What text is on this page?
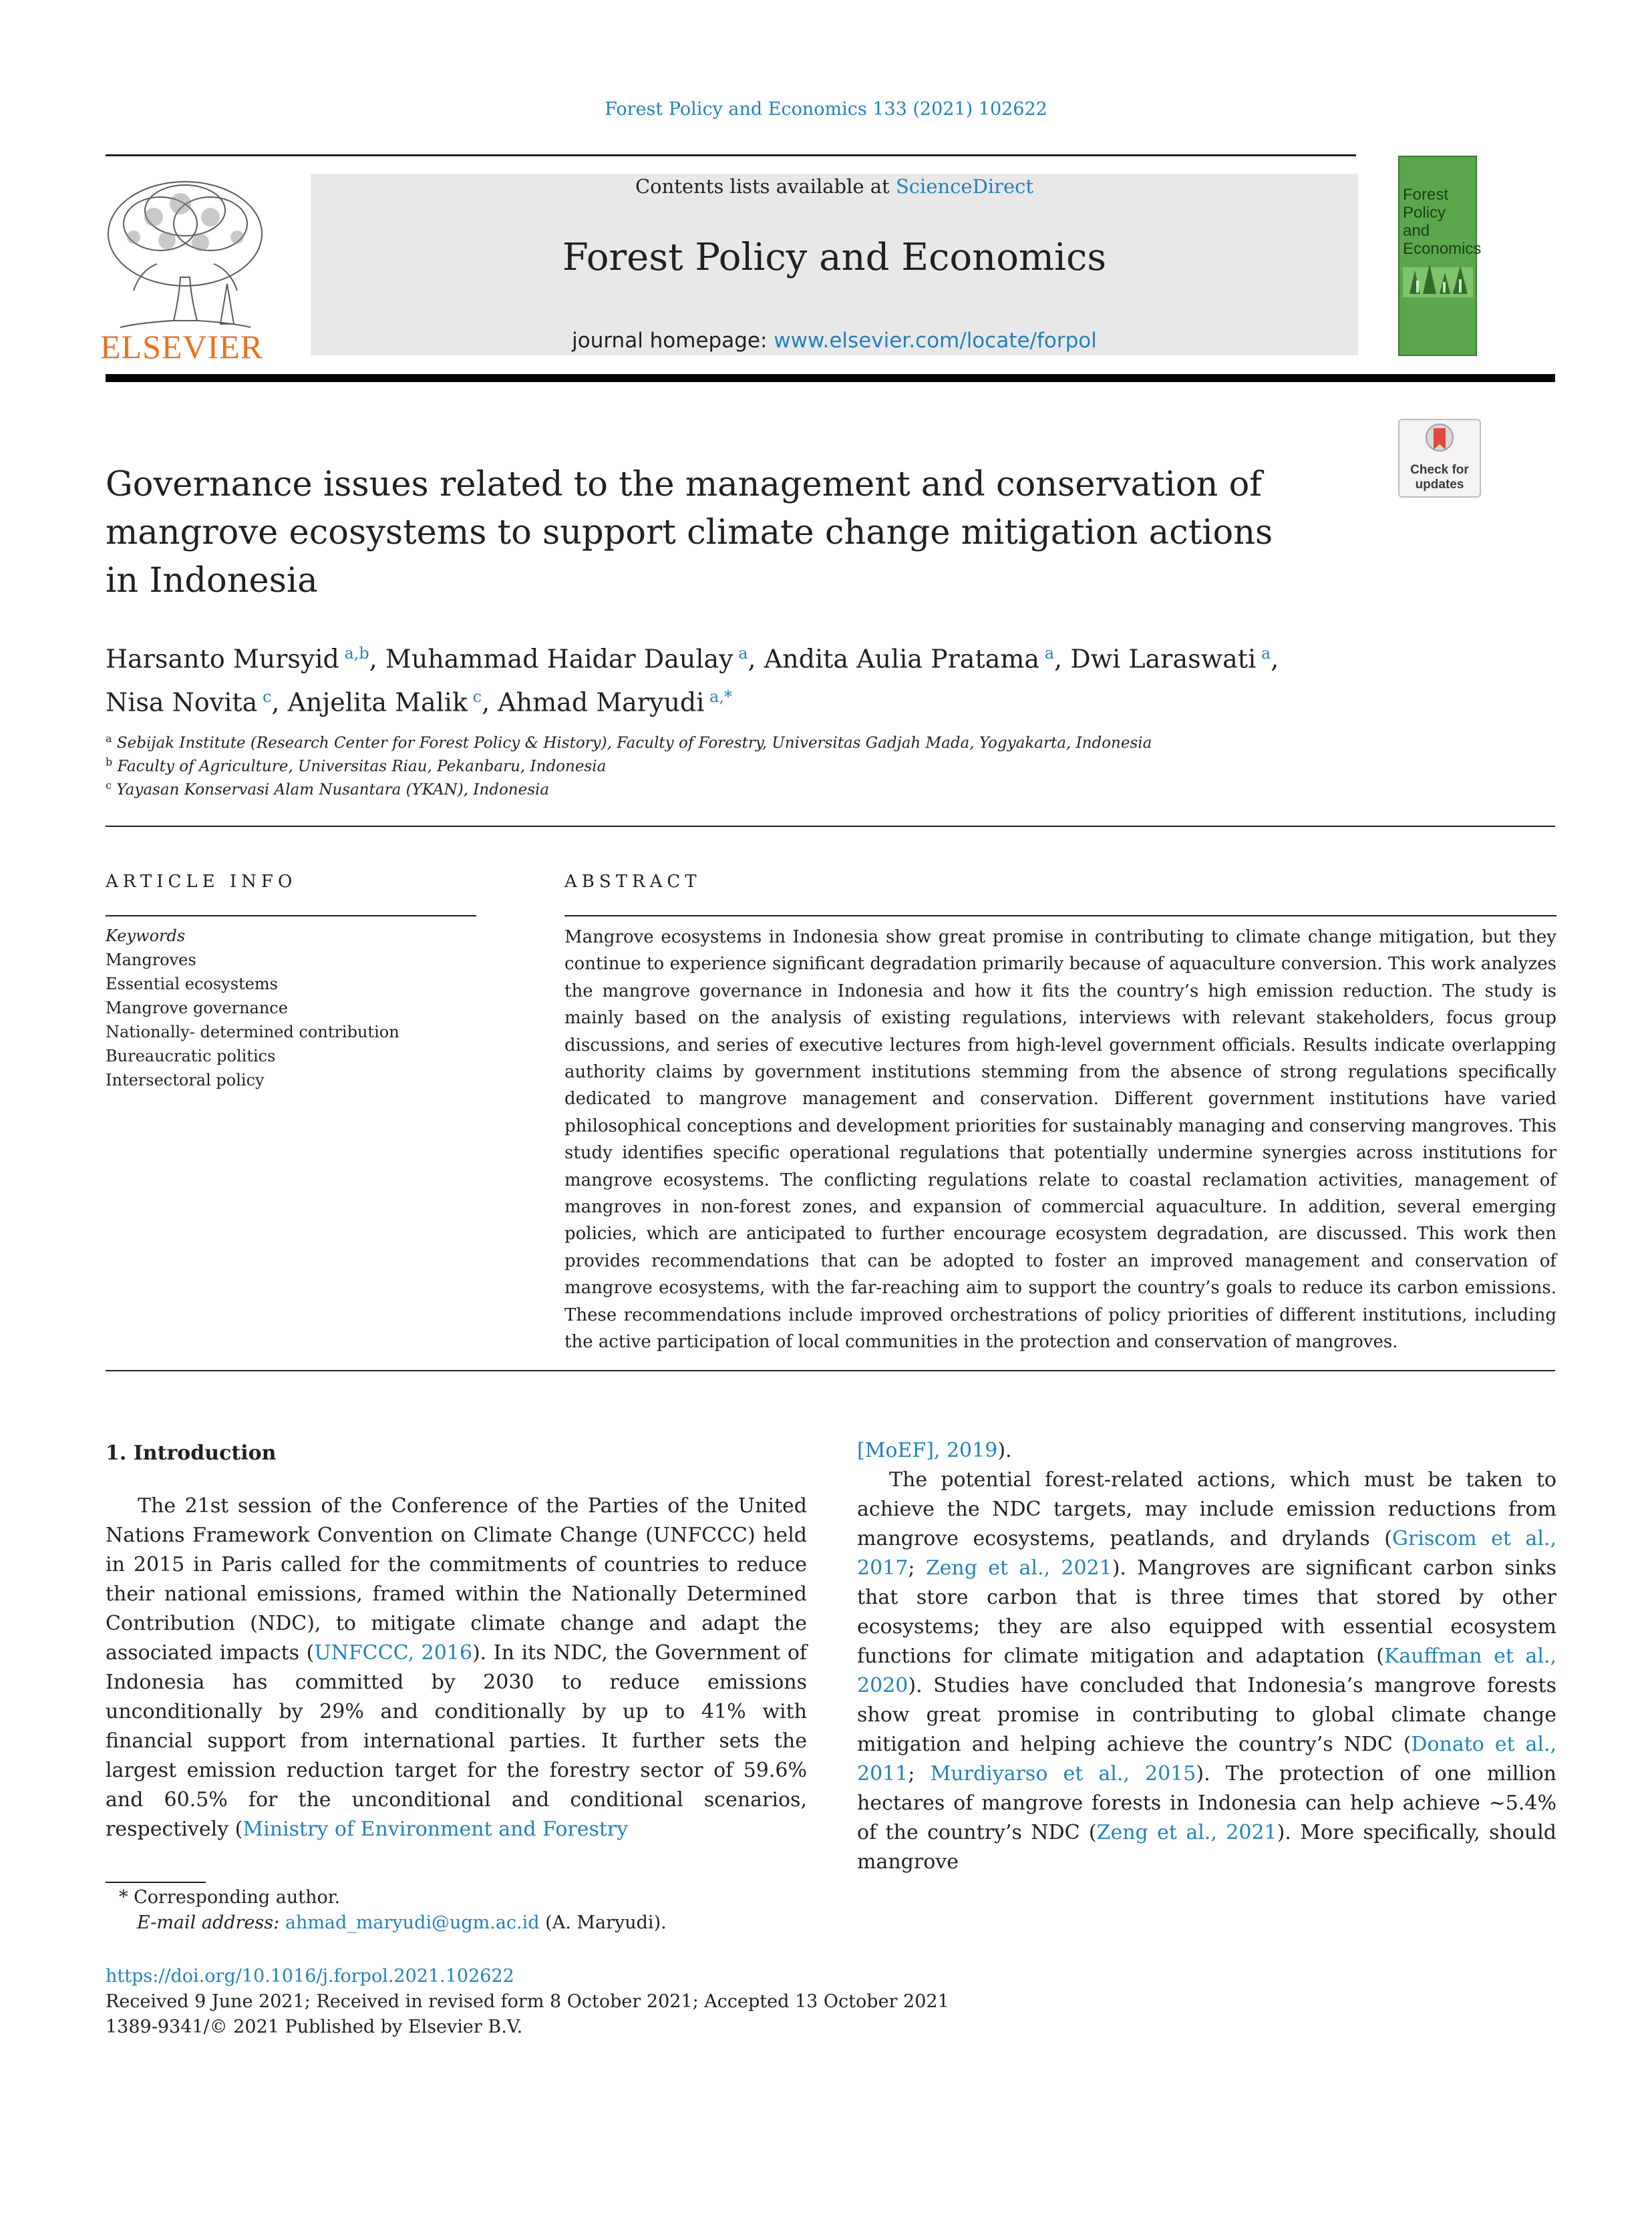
Forest Policy and Economics 133 (2021) 102622
ELSEVIER
Contents lists available at ScienceDirect
Forest Policy and Economics
journal homepage: www.elsevier.com/locate/forpol
Forest Policy
and Economics
Check for
updates
Governance issues related to the management and conservation of mangrove ecosystems to support climate change mitigation actions in Indonesia
Harsanto Mursyid $^{a,b}$, Muhammad Haidar Daulay $^a$, Andita Aulia Pratama $^a$, Dwi Laraswati $^a$,
Nisa Novita $^c$, Anjelita Malik $^c$, Ahmad Maryudi $^{a,*}$
$^a$ Sebijak Institute (Research Center for Forest Policy & History), Faculty of Forestry, Universitas Gadjah Mada, Yogyakarta, Indonesia
$^b$ Faculty of Agriculture, Universitas Riau, Pekanbaru, Indonesia
$^c$ Yayasan Konservasi Alam Nusantara (YKAN), Indonesia
ARTICLE INFO
Keywords
Mangroves
Essential ecosystems
Mangrove governance
Nationally- determined contribution
Bureaucratic politics
Intersectoral policy
ABSTRACT
Mangrove ecosystems in Indonesia show great promise in contributing to climate change mitigation, but they continue to experience significant degradation primarily because of aquaculture conversion. This work analyzes the mangrove governance in Indonesia and how it fits the country’s high emission reduction. The study is mainly based on the analysis of existing regulations, interviews with relevant stakeholders, focus group discussions, and series of executive lectures from high-level government officials. Results indicate overlapping authority claims by government institutions stemming from the absence of strong regulations specifically dedicated to mangrove management and conservation. Different government institutions have varied philosophical conceptions and development priorities for sustainably managing and conserving mangroves. This study identifies specific operational regulations that potentially undermine synergies across institutions for mangrove ecosystems. The conflicting regulations relate to coastal reclamation activities, management of mangroves in non-forest zones, and expansion of commercial aquaculture. In addition, several emerging policies, which are anticipated to further encourage ecosystem degradation, are discussed. This work then provides recommendations that can be adopted to foster an improved management and conservation of mangrove ecosystems, with the far-reaching aim to support the country’s goals to reduce its carbon emissions. These recommendations include improved orchestrations of policy priorities of different institutions, including the active participation of local communities in the protection and conservation of mangroves.
1. Introduction

The 21st session of the Conference of the Parties of the United Nations Framework Convention on Climate Change (UNFCCC) held in 2015 in Paris called for the commitments of countries to reduce their national emissions, framed within the Nationally Determined Contribution (NDC), to mitigate climate change and adapt the associated impacts (UNFCCC, 2016). In its NDC, the Government of Indonesia has committed by 2030 to reduce emissions unconditionally by 29% and conditionally by up to 41% with financial support from international parties. It further sets the largest emission reduction target for the forestry sector of 59.6% and 60.5% for the unconditional and conditional scenarios, respectively (Ministry of Environment and Forestry

[MoEF], 2019).

The potential forest-related actions, which must be taken to achieve the NDC targets, may include emission reductions from mangrove ecosystems, peatlands, and drylands (Griscom et al., 2017; Zeng et al., 2021). Mangroves are significant carbon sinks that store carbon that is three times that stored by other ecosystems; they are also equipped with essential ecosystem functions for climate mitigation and adaptation (Kauffman et al., 2020). Studies have concluded that Indonesia’s mangrove forests show great promise in contributing to global climate change mitigation and helping achieve the country’s NDC (Donato et al., 2011; Murdiyarso et al., 2015). The protection of one million hectares of mangrove forests in Indonesia can help achieve ~5.4% of the country’s NDC (Zeng et al., 2021). More specifically, should mangrove

* Corresponding author.
E-mail address: ahmad_maryudi@ugm.ac.id (A. Maryudi).
https://doi.org/10.1016/j.forpol.2021.102622
Received 9 June 2021; Received in revised form 8 October 2021; Accepted 13 October 2021
1389-9341/© 2021 Published by Elsevier B.V.
